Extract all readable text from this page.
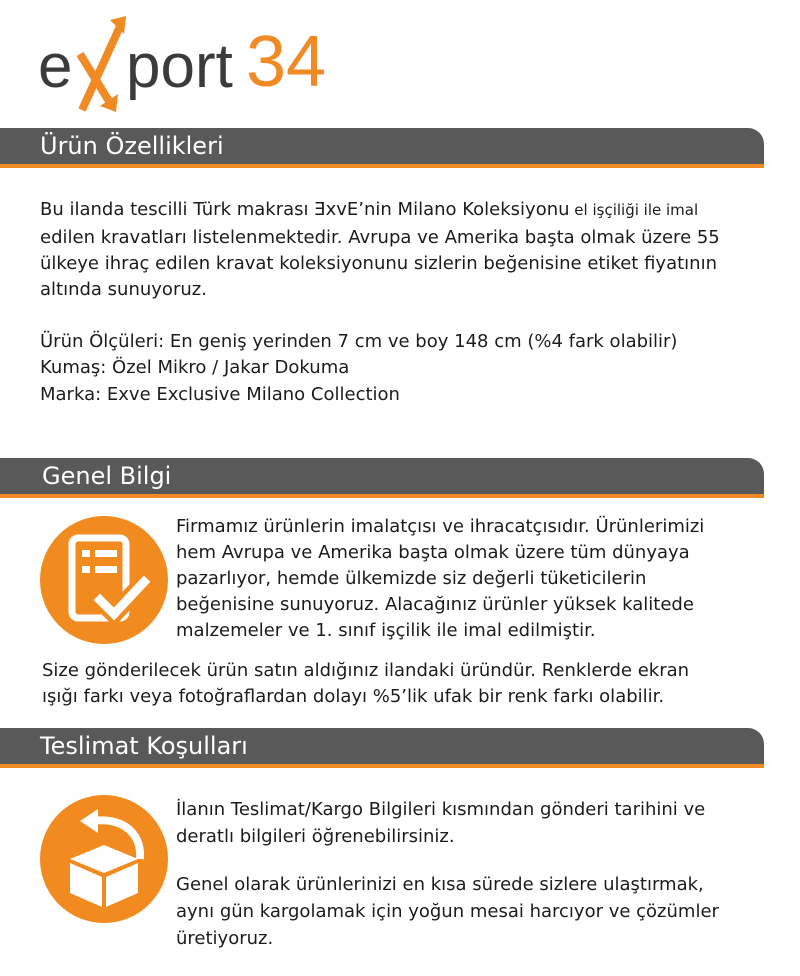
e port 34
Ürün Özellikleri

Bu ilanda tescilli Türk makrası ƎxvE’nin Milano Koleksiyonu el işçiliği ile imal

edilen kravatları listelenmektedir. Avrupa ve Amerika başta olmak üzere 55
ülkeye ihraç edilen kravat koleksiyonunu sizlerin beğenisine etiket fiyatının
altında sunuyoruz.

Ürün Ölçüleri: En geniş yerinden 7 cm ve boy 148 cm (%4 fark olabilir)

Kumaş: Özel Mikro / Jakar Dokuma

Marka: Exve Exclusive Milano Collection

Genel Bilgi

Firmamız ürünlerin imalatçısı ve ihracatçısıdır. Ürünlerimizi
hem Avrupa ve Amerika başta olmak üzere tüm dünyaya
pazarlıyor, hemde ülkemizde siz değerli tüketicilerin
beğenisine sunuyoruz. Alacağınız ürünler yüksek kalitede
malzemeler ve 1. sınıf işçilik ile imal edilmiştir.

Size gönderilecek ürün satın aldığınız ilandaki üründür. Renklerde ekran
ışığı farkı veya fotoğraflardan dolayı %5’lik ufak bir renk farkı olabilir.

Teslimat Koşulları

İlanın Teslimat/Kargo Bilgileri kısmından gönderi tarihini ve
deratlı bilgileri öğrenebilirsiniz.

Genel olarak ürünlerinizi en kısa sürede sizlere ulaştırmak,
aynı gün kargolamak için yoğun mesai harcıyor ve çözümler
üretiyoruz.
